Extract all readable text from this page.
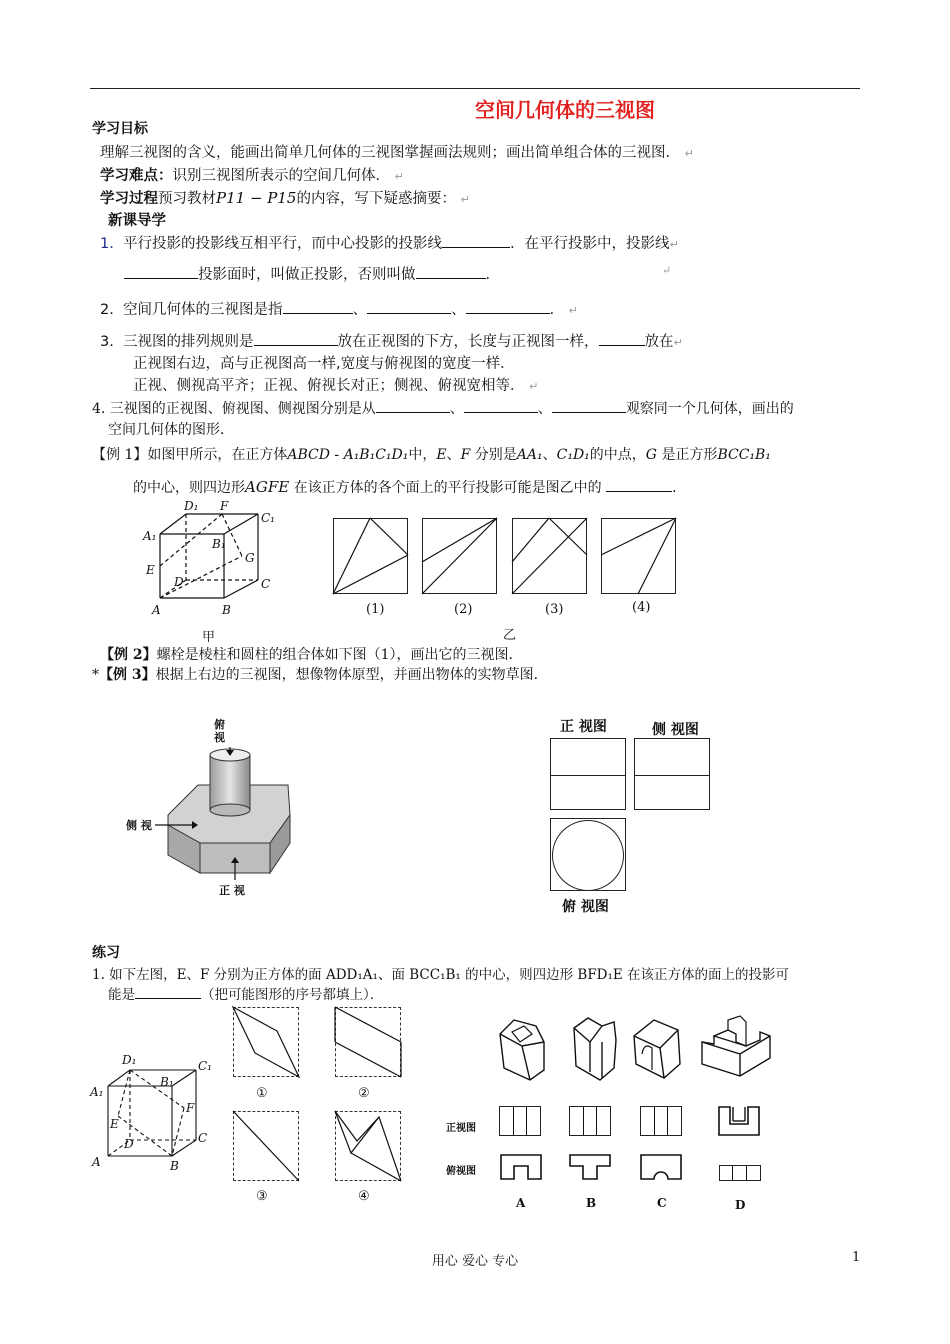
空间几何体的三视图
学习目标
理解三视图的含义，能画出简单几何体的三视图掌握画法规则；画出简单组合体的三视图． ↵
学习难点：识别三视图所表示的空间几何体． ↵
学习过程预习教材P11 − P15的内容，写下疑惑摘要： ↵
新课导学
1. 平行投影的投影线互相平行，而中心投影的投影线	．在平行投影中，投影线↵
投影面时，叫做正投影，否则叫做	．	↵
2. 空间几何体的三视图是指	、	、	． ↵
3. 三视图的排列规则是	放在正视图的下方，长度与正视图一样，	放在↵
正视图右边，高与正视图高一样,宽度与俯视图的宽度一样．
正视、侧视高平齐；正视、俯视长对正；侧视、俯视宽相等． ↵
4. 三视图的正视图、俯视图、侧视图分别是从	、	、	观察同一个几何体，画出的
空间几何体的图形．
【例 1】如图甲所示，在正方体ABCD - A₁B₁C₁D₁中，E、F 分别是AA₁、C₁D₁的中点，G 是正方形BCC₁B₁
的中心，则四边形AGFE 在该正方体的各个面上的平行投影可能是图乙中的	．
D₁ F
C₁
A₁
B₁
G
E
D	C
A	B
甲
(1)	(2)	(3)	(4)
乙
【例 2】螺栓是棱柱和圆柱的组合体如下图（1），画出它的三视图．
*【例 3】根据上右边的三视图，想像物体原型，并画出物体的实物草图．
俯
视
侧 视
正 视
正 视图	侧 视图
俯 视图
练习
1. 如下左图，E、F 分别为正方体的面 ADD₁A₁、面 BCC₁B₁ 的中心，则四边形 BFD₁E 在该正方体的面上的投影可
能是	（把可能图形的序号都填上）．
D₁	C₁
A₁
B₁
F
E
D	C
A	B
①	②
③	④
正视图
俯视图
A	B	C	D
用心 爱心 专心	1
